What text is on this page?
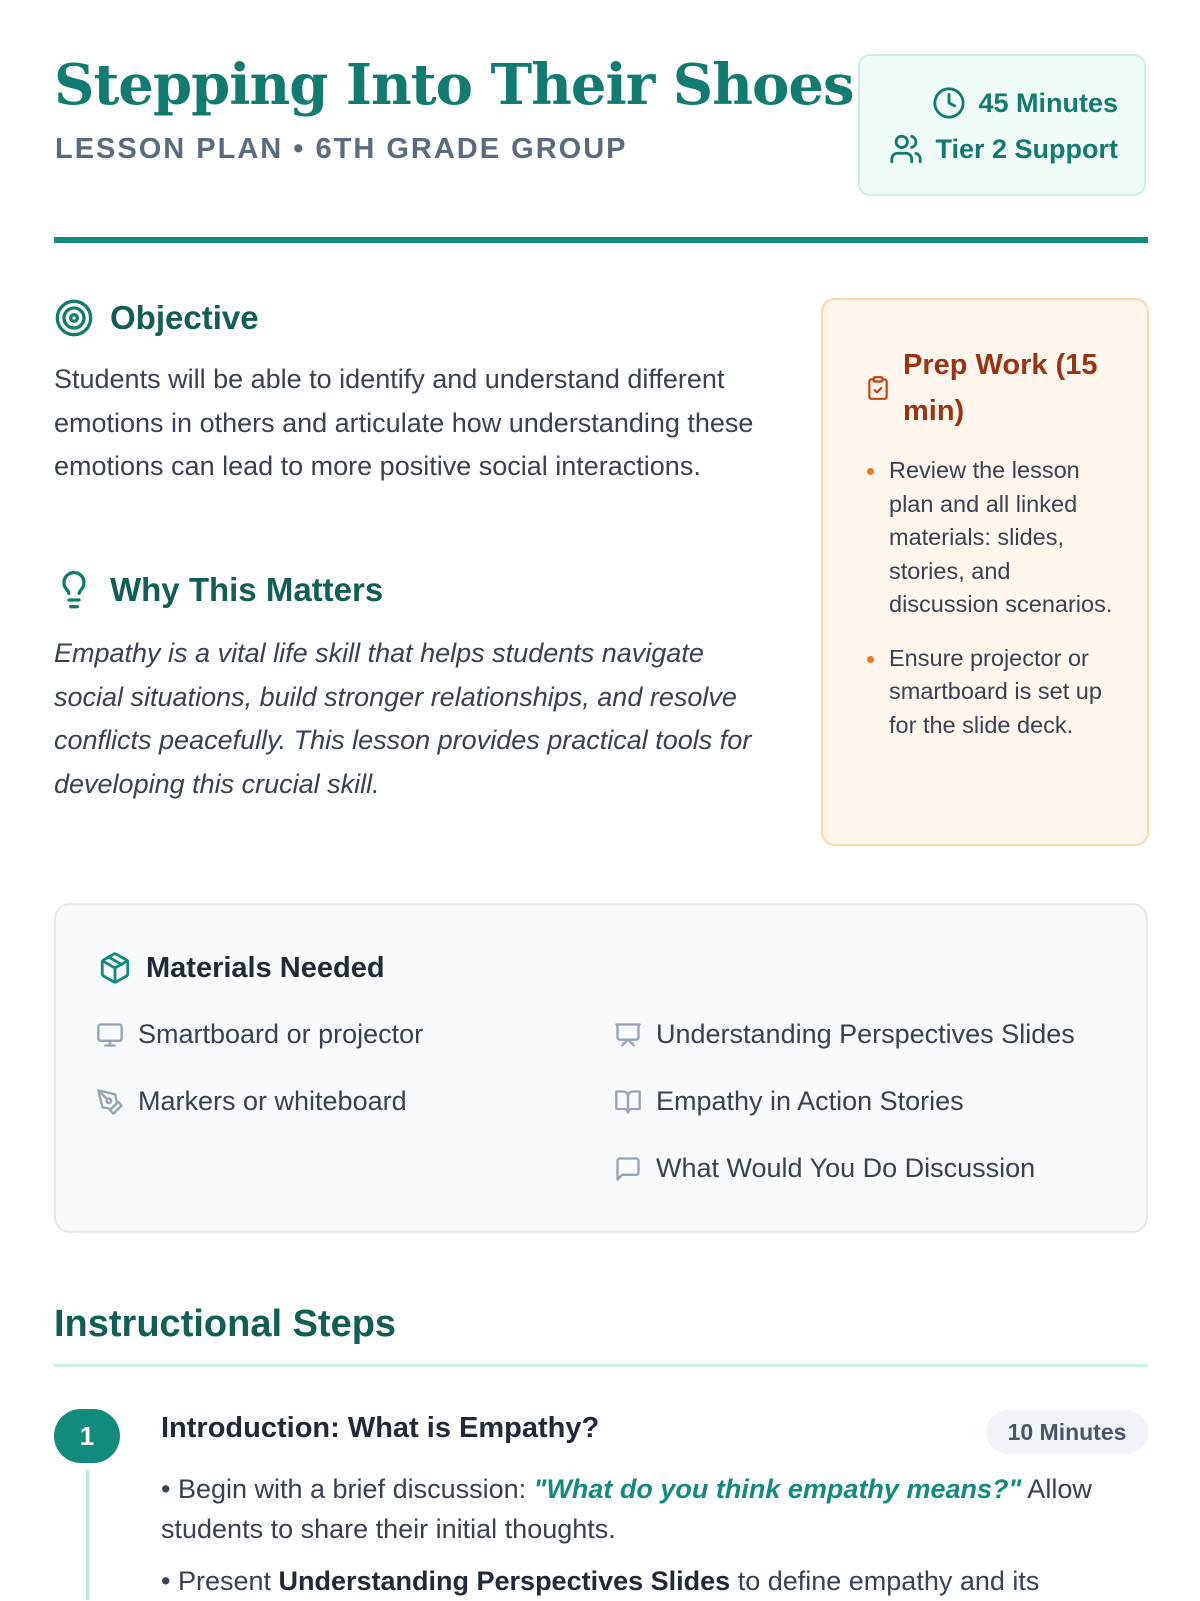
Stepping Into Their Shoes
LESSON PLAN • 6TH GRADE GROUP
45 Minutes
Tier 2 Support
Objective

Students will be able to identify and understand different emotions in others and articulate how understanding these emotions can lead to more positive social interactions.

Why This Matters

Empathy is a vital life skill that helps students navigate social situations, build stronger relationships, and resolve conflicts peacefully. This lesson provides practical tools for developing this crucial skill.

Prep Work (15 min)
Review the lesson plan and all linked materials: slides, stories, and discussion scenarios.
Ensure projector or smartboard is set up for the slide deck.
Materials Needed
Smartboard or projector
Markers or whiteboard
Understanding Perspectives Slides
Empathy in Action Stories
What Would You Do Discussion
Instructional Steps
1	Introduction: What is Empathy?	10 Minutes

• Begin with a brief discussion: "What do you think empathy means?" Allow students to share their initial thoughts.

• Present Understanding Perspectives Slides to define empathy and its
